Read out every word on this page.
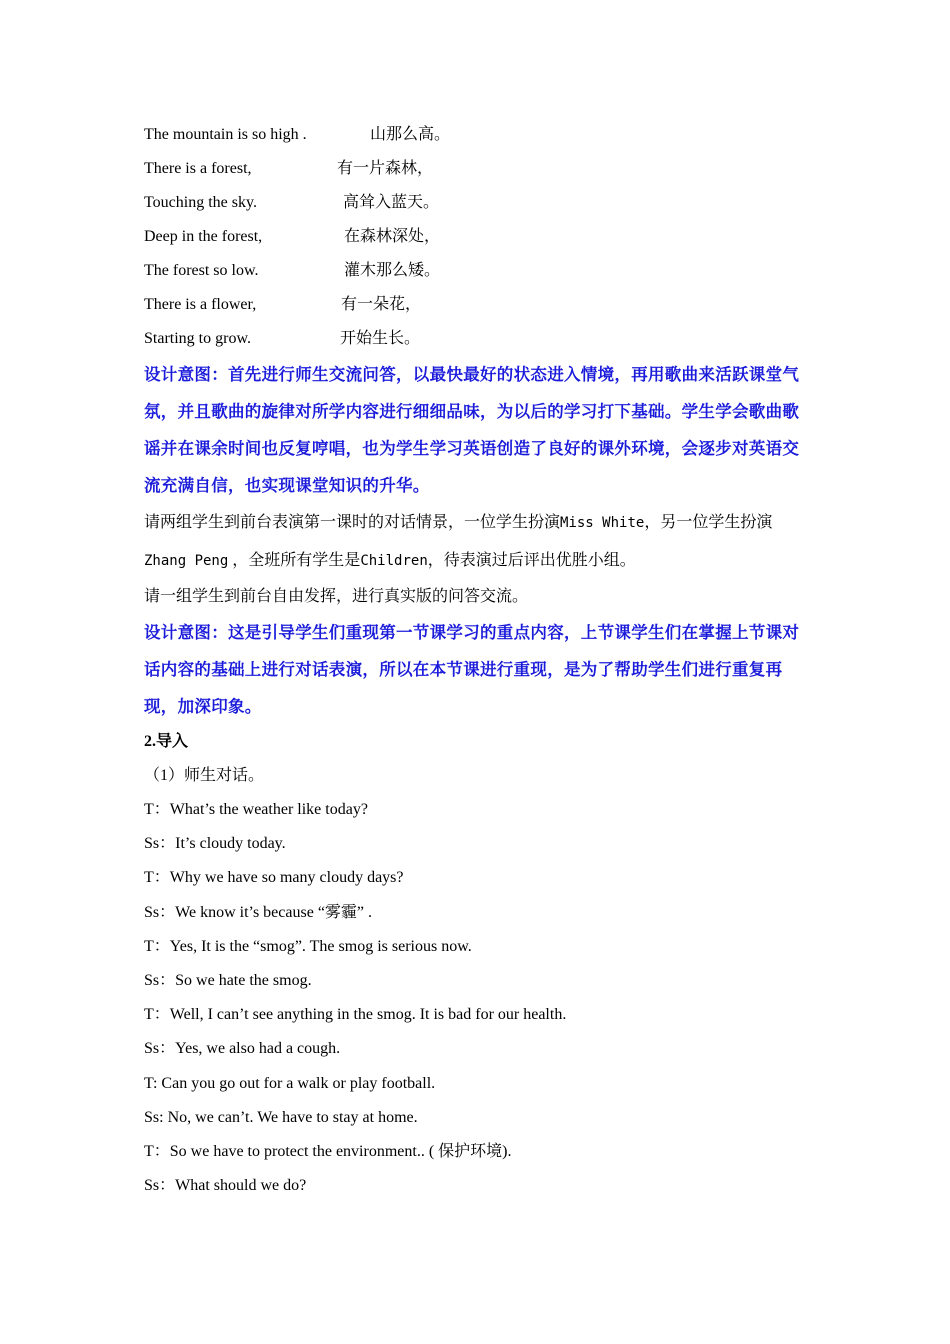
The mountain is so high .	山那么高。
There is a forest,	有一片森林，
Touching the sky.	高耸入蓝天。
Deep in the forest,	在森林深处，
The forest so low.	灌木那么矮。
There is a flower,	有一朵花，
Starting to grow.	开始生长。
设计意图：首先进行师生交流问答，以最快最好的状态进入情境，再用歌曲来活跃课堂气氛，并且歌曲的旋律对所学内容进行细细品味，为以后的学习打下基础。学生学会歌曲歌谣并在课余时间也反复哼唱，也为学生学习英语创造了良好的课外环境，会逐步对英语交流充满自信，也实现课堂知识的升华。
请两组学生到前台表演第一课时的对话情景，一位学生扮演Miss White，另一位学生扮演Zhang Peng ，全班所有学生是Children，待表演过后评出优胜小组。
请一组学生到前台自由发挥，进行真实版的问答交流。
设计意图：这是引导学生们重现第一节课学习的重点内容，上节课学生们在掌握上节课对话内容的基础上进行对话表演，所以在本节课进行重现，是为了帮助学生们进行重复再现，加深印象。
2.导入
（1）师生对话。
T：What’s the weather like today?
Ss：It’s cloudy today.
T：Why we have so many cloudy days?
Ss：We know it’s because “雾霾” .
T：Yes, It is the “smog”. The smog is serious now.
Ss：So we hate the smog.
T：Well, I can’t see anything in the smog. It is bad for our health.
Ss：Yes, we also had a cough.
T: Can you go out for a walk or play football.
Ss: No, we can’t. We have to stay at home.
T：So we have to protect the environment.. ( 保护环境).
Ss：What should we do?
